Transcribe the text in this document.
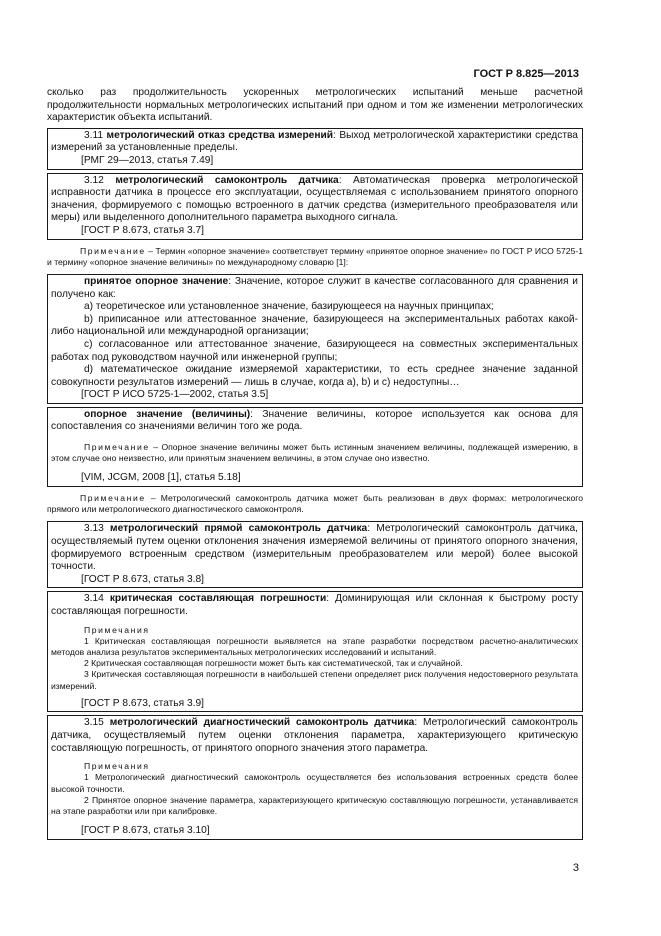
ГОСТ Р 8.825—2013

сколько раз продолжительность ускоренных метрологических испытаний меньше расчетной продолжительности нормальных метрологических испытаний при одном и том же изменении метрологических характеристик объекта испытаний.

3.11 метрологический отказ средства измерений: Выход метрологической характеристики средства измерений за установленные пределы.

[РМГ 29—2013, статья 7.49]

3.12 метрологический самоконтроль датчика: Автоматическая проверка метрологической исправности датчика в процессе его эксплуатации, осуществляемая с использованием принятого опорного значения, формируемого с помощью встроенного в датчик средства (измерительного преобразователя или меры) или выделенного дополнительного параметра выходного сигнала.

[ГОСТ Р 8.673, статья 3.7]

Примечание – Термин «опорное значение» соответствует термину «принятое опорное значение» по ГОСТ Р ИСО 5725-1 и термину «опорное значение величины» по международному словарю [1]:

принятое опорное значение: Значение, которое служит в качестве согласованного для сравнения и получено как:

a) теоретическое или установленное значение, базирующееся на научных принципах;

b) приписанное или аттестованное значение, базирующееся на экспериментальных работах какой-либо национальной или международной организации;

c) согласованное или аттестованное значение, базирующееся на совместных экспериментальных работах под руководством научной или инженерной группы;

d) математическое ожидание измеряемой характеристики, то есть среднее значение заданной совокупности результатов измерений — лишь в случае, когда a), b) и c) недоступны…

[ГОСТ Р ИСО 5725-1—2002, статья 3.5]

опорное значение (величины): Значение величины, которое используется как основа для сопоставления со значениями величин того же рода.

Примечание – Опорное значение величины может быть истинным значением величины, подлежащей измерению, в этом случае оно неизвестно, или принятым значением величины, в этом случае оно известно.

[VIM, JCGM, 2008 [1], статья 5.18]

Примечание – Метрологический самоконтроль датчика может быть реализован в двух формах: метрологического прямого или метрологического диагностического самоконтроля.

3.13 метрологический прямой самоконтроль датчика: Метрологический самоконтроль датчика, осуществляемый путем оценки отклонения значения измеряемой величины от принятого опорного значения, формируемого встроенным средством (измерительным преобразователем или мерой) более высокой точности.

[ГОСТ Р 8.673, статья 3.8]

3.14 критическая составляющая погрешности: Доминирующая или склонная к быстрому росту составляющая погрешности.

Примечания

1 Критическая составляющая погрешности выявляется на этапе разработки посредством расчетно-аналитических методов анализа результатов экспериментальных метрологических исследований и испытаний.

2 Критическая составляющая погрешности может быть как систематической, так и случайной.

3 Критическая составляющая погрешности в наибольшей степени определяет риск получения недостоверного результата измерений.

[ГОСТ Р 8.673, статья 3.9]

3.15 метрологический диагностический самоконтроль датчика: Метрологический самоконтроль датчика, осуществляемый путем оценки отклонения параметра, характеризующего критическую составляющую погрешность, от принятого опорного значения этого параметра.

Примечания

1 Метрологический диагностический самоконтроль осуществляется без использования встроенных средств более высокой точности.

2 Принятое опорное значение параметра, характеризующего критическую составляющую погрешности, устанавливается на этапе разработки или при калибровке.

[ГОСТ Р 8.673, статья 3.10]

3
